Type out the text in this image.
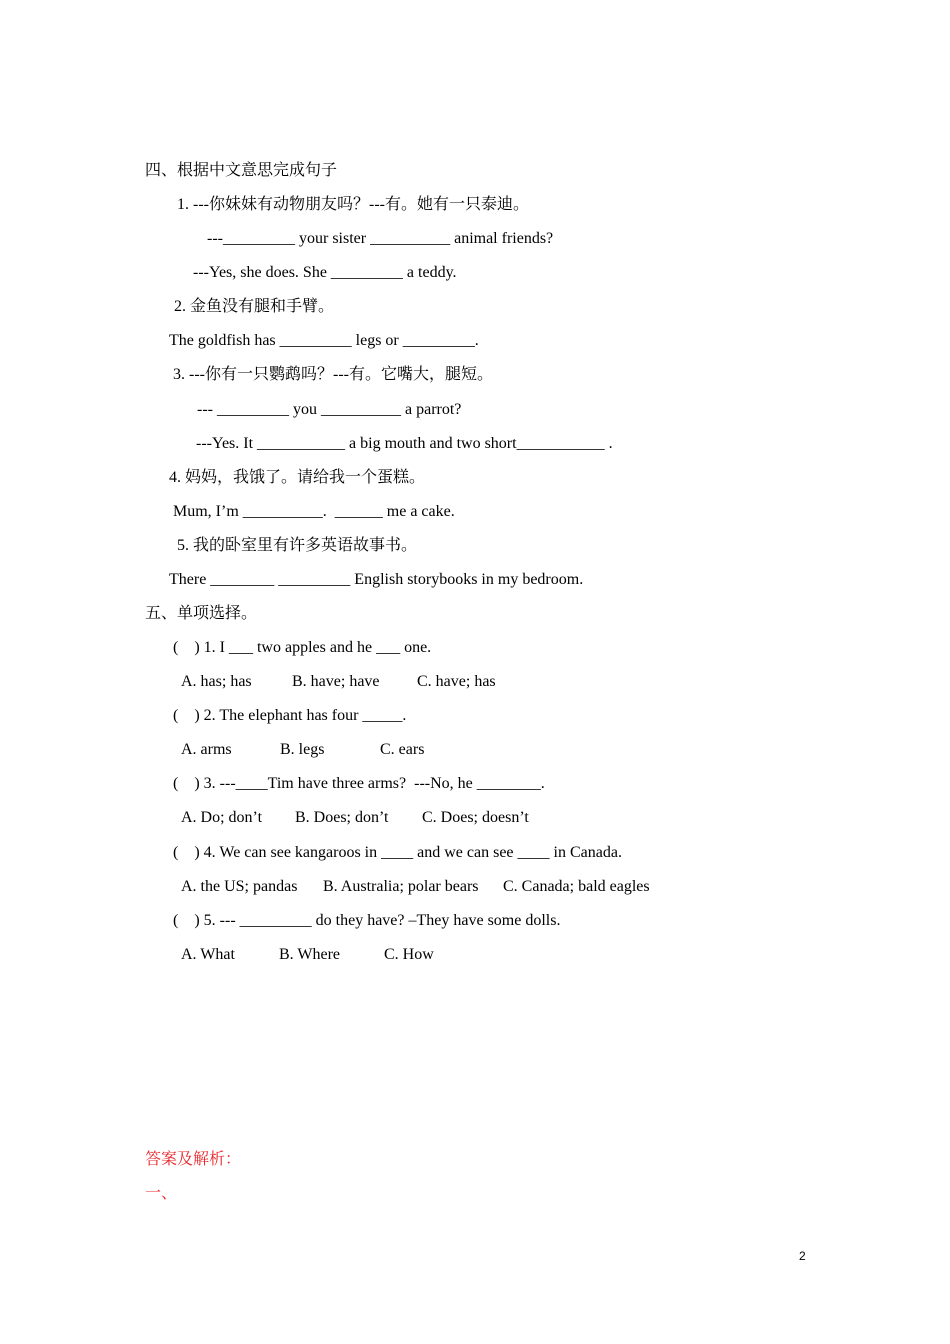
四、根据中文意思完成句子
1. ---你妹妹有动物朋友吗？---有。她有一只泰迪。
---_________ your sister __________ animal friends?
---Yes, she does. She _________ a teddy.
2. 金鱼没有腿和手臂。
The goldfish has _________ legs or _________.
3. ---你有一只鹦鹉吗？---有。它嘴大，腿短。
--- _________ you __________ a parrot?
---Yes. It ___________ a big mouth and two short___________ .
4. 妈妈，我饿了。请给我一个蛋糕。
Mum, I’m __________.  ______ me a cake.
5. 我的卧室里有许多英语故事书。
There ________ _________ English storybooks in my bedroom.
五、单项选择。
(    ) 1. I ___ two apples and he ___ one.
A. has; has	B. have; have C. have; has
(    ) 2. The elephant has four _____.
A. arms	B. legs	C. ears
(    ) 3. ---____Tim have three arms?  ---No, he ________.
A. Do; don’t B. Does; don’t C. Does; doesn’t
(    ) 4. We can see kangaroos in ____ and we can see ____ in Canada.
A. the US; pandas B. Australia; polar bears C. Canada; bald eagles
(    ) 5. --- _________ do they have? –They have some dolls.
A. What	B. Where	C. How
答案及解析：
一、
2
